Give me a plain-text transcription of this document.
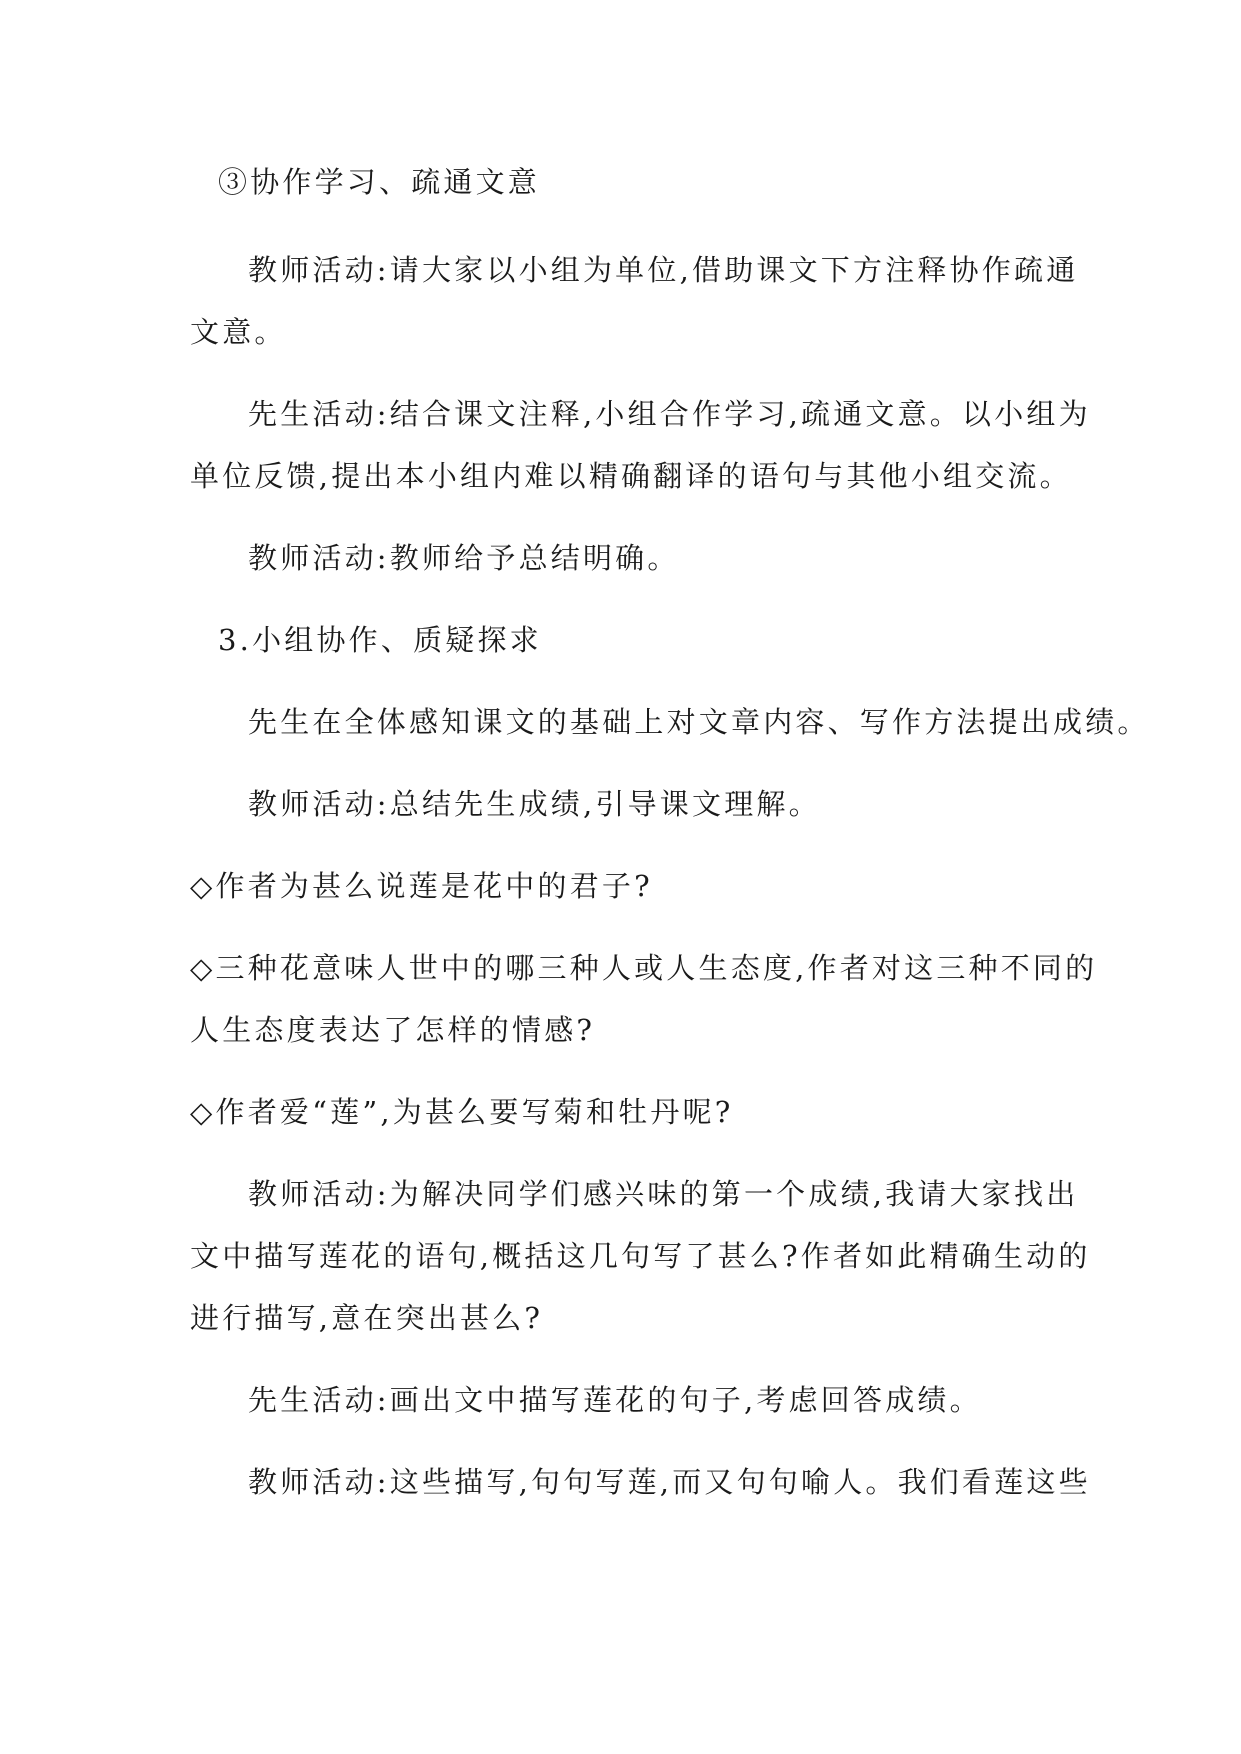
③协作学习、疏通文意

教师活动:请大家以小组为单位,借助课文下方注释协作疏通

文意。

先生活动:结合课文注释,小组合作学习,疏通文意。以小组为

单位反馈,提出本小组内难以精确翻译的语句与其他小组交流。

教师活动:教师给予总结明确。

3.小组协作、质疑探求

先生在全体感知课文的基础上对文章内容、写作方法提出成绩。

教师活动:总结先生成绩,引导课文理解。

◇作者为甚么说莲是花中的君子?

◇三种花意味人世中的哪三种人或人生态度,作者对这三种不同的

人生态度表达了怎样的情感?

◇作者爱“莲”,为甚么要写菊和牡丹呢?

教师活动:为解决同学们感兴味的第一个成绩,我请大家找出

文中描写莲花的语句,概括这几句写了甚么?作者如此精确生动的

进行描写,意在突出甚么?

先生活动:画出文中描写莲花的句子,考虑回答成绩。

教师活动:这些描写,句句写莲,而又句句喻人。我们看莲这些
